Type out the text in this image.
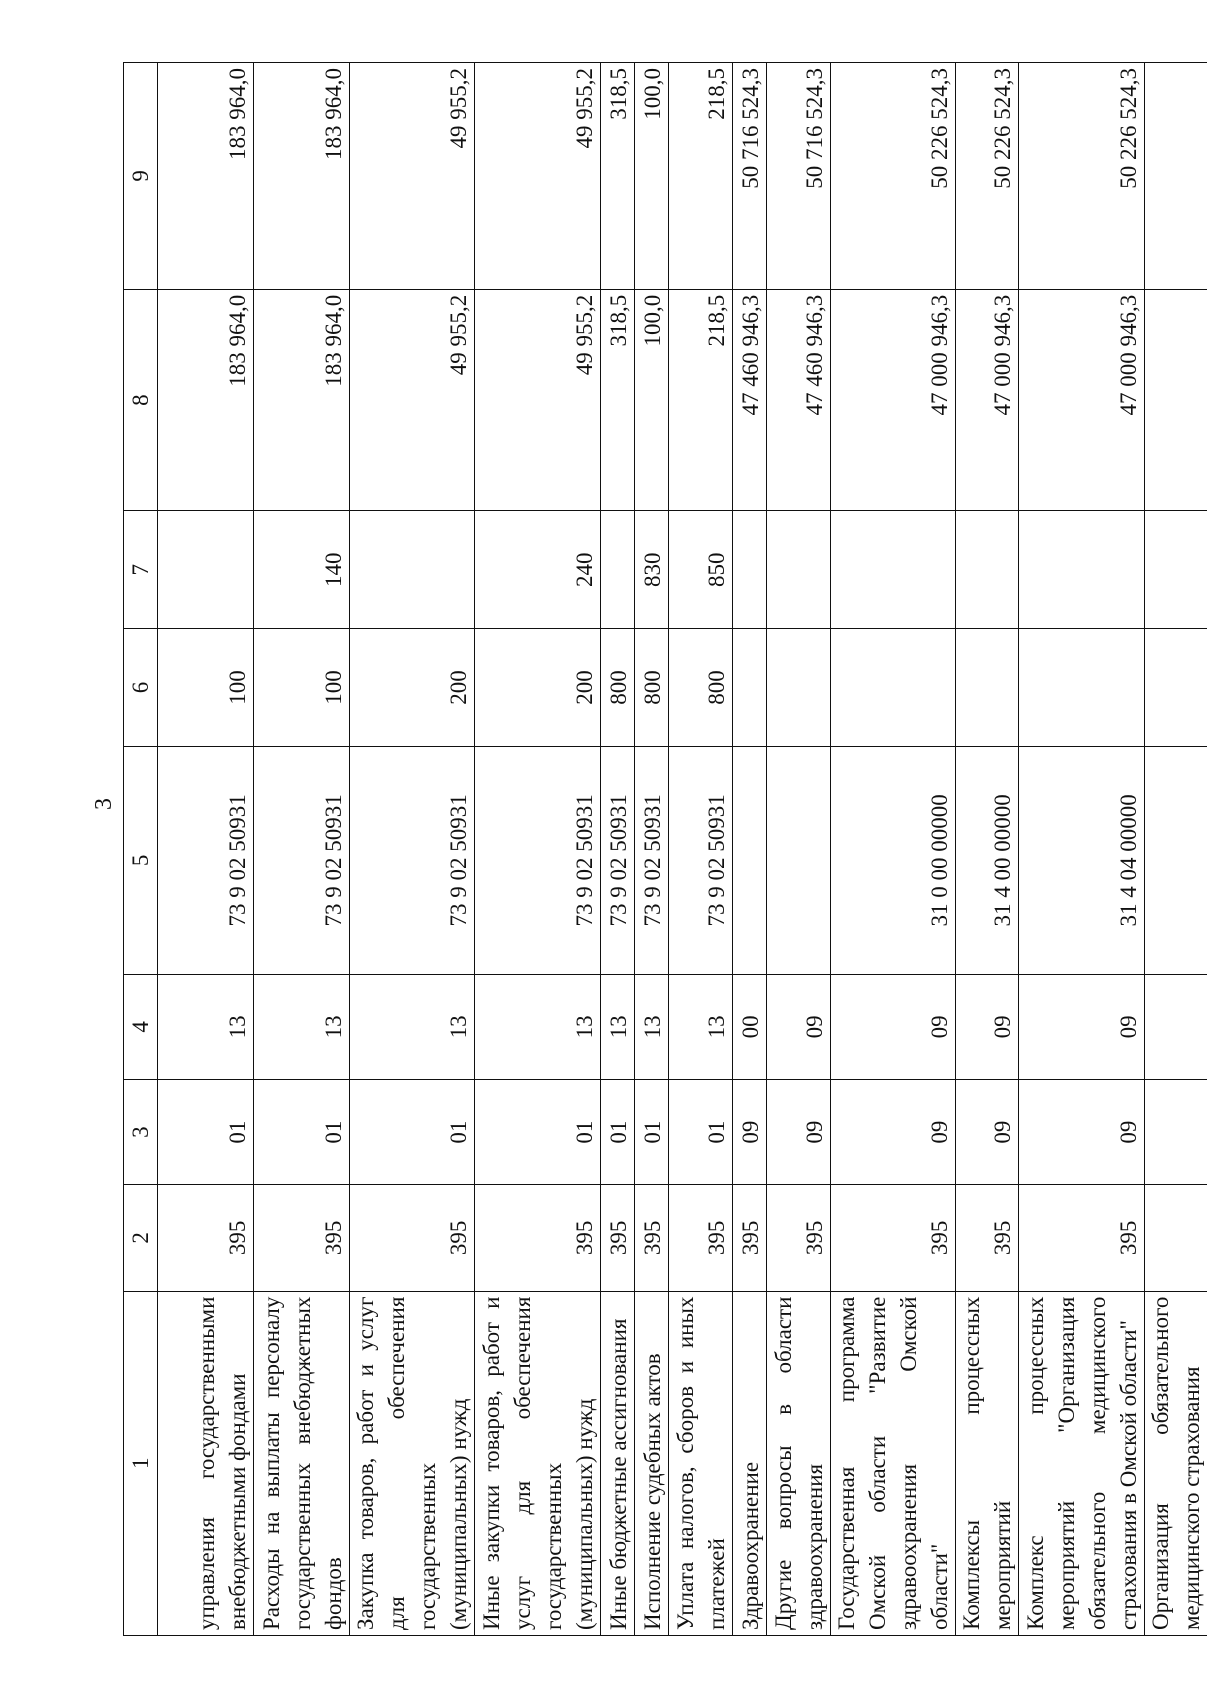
3
1	2	3	4	5	6	7	8	9
управления государственными внебюджетными фондами	395	01	13	73 9 02 50931	100		183 964,0	183 964,0
Расходы на выплаты персоналу государственных внебюджетных фондов	395	01	13	73 9 02 50931	100	140	183 964,0	183 964,0
Закупка товаров, работ и услуг для обеспечения государственных (муниципальных) нужд	395	01	13	73 9 02 50931	200		49 955,2	49 955,2
Иные закупки товаров, работ и услуг для обеспечения государственных (муниципальных) нужд	395	01	13	73 9 02 50931	200	240	49 955,2	49 955,2
Иные бюджетные ассигнования	395	01	13	73 9 02 50931	800		318,5	318,5
Исполнение судебных актов	395	01	13	73 9 02 50931	800	830	100,0	100,0
Уплата налогов, сборов и иных платежей	395	01	13	73 9 02 50931	800	850	218,5	218,5
Здравоохранение	395	09	00				47 460 946,3	50 716 524,3
Другие вопросы в области здравоохранения	395	09	09				47 460 946,3	50 716 524,3
Государственная программа Омской области "Развитие здравоохранения Омской области"	395	09	09	31 0 00 00000			47 000 946,3	50 226 524,3
Комплексы процессных мероприятий	395	09	09	31 4 00 00000			47 000 946,3	50 226 524,3
Комплекс процессных мероприятий "Организация обязательного медицинского страхования в Омской области"	395	09	09	31 4 04 00000			47 000 946,3	50 226 524,3
Организация обязательного медицинского страхования								
